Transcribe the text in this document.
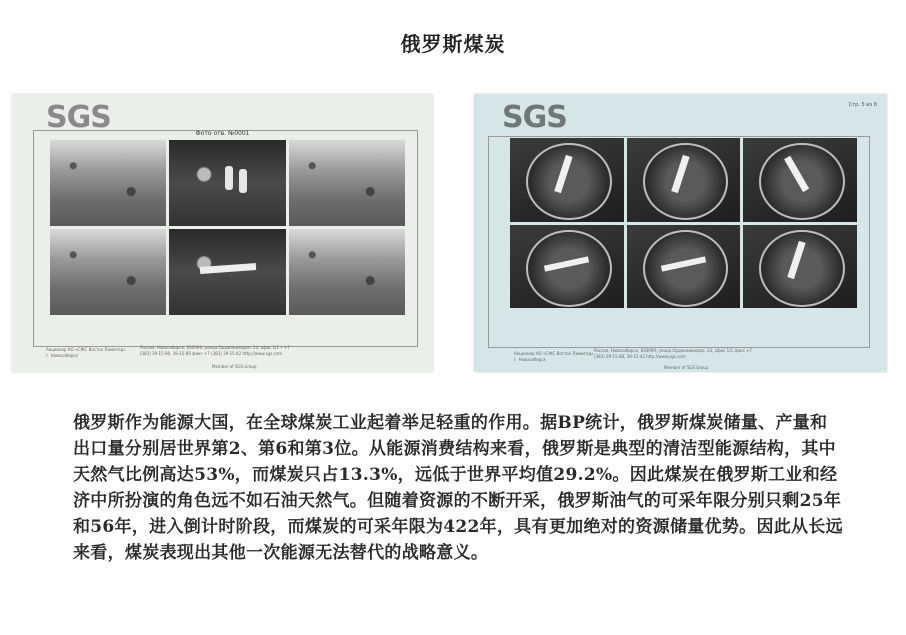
俄罗斯煤炭
SGS	Фото отв. №0001
Акционер АО «СЖС Восток Лимитед» г. Новосибирск
Россия, Новосибирск, 630099, улица Орджоникидзе, 24, офис 1/1 т +7 (383) 39-15-80, 39-15-80 факс +7 (383) 39-15-42 http://www.sgs.com
Member of SGS Group
SGS	Стр. 5 из 8
Акционер АО «СЖС Восток Лимитед» г. Новосибирск
Россия, Новосибирск, 630099, улица Орджоникидзе, 24, офис 1/1 факс +7 (383) 39-15-80, 39-15-42 http://www.sgs.com
Member of SGS Group

俄罗斯作为能源大国，在全球煤炭工业起着举足轻重的作用。据BP统计，俄罗斯煤炭储量、产量和出口量分别居世界第2、第6和第3位。从能源消费结构来看，俄罗斯是典型的清洁型能源结构，其中天然气比例高达53%，而煤炭只占13.3%，远低于世界平均值29.2%。因此煤炭在俄罗斯工业和经济中所扮演的角色远不如石油天然气。但随着资源的不断开采，俄罗斯油气的可采年限分别只剩25年和56年，进入倒计时阶段，而煤炭的可采年限为422年，具有更加绝对的资源储量优势。因此从长远来看，煤炭表现出其他一次能源无法替代的战略意义。
